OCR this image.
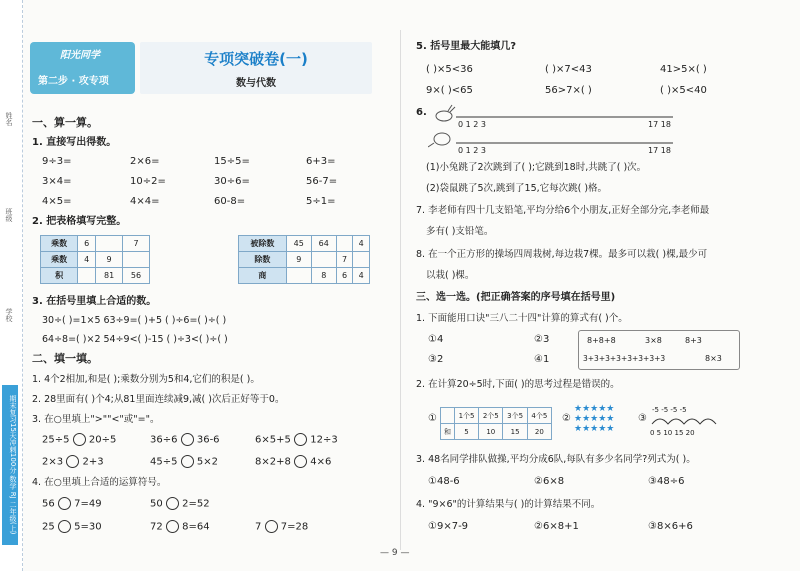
姓名
班级
学校
期末复习15天冲刺100分 数学 RJ 二年级(上)
阳光同学
第二步 · 攻专项
专项突破卷(一)
数与代数
一、算一算。
1. 直接写出得数。
9÷3=	2×6=	15÷5=	6+3=
3×4=	10÷2=	30÷6=	56-7=
4×5=	4×4=	60-8=	5÷1=
2. 把表格填写完整。
乘数	6		7
乘数	4	9	
积		81	56
被除数	45	64		4
除数	9		7	
商		8	6	4
3. 在括号里填上合适的数。
30÷( )=1×5 63÷9=( )+5 ( )÷6=( )÷( )
64÷8=( )×2 54÷9<( )-15 ( )÷3<( )÷( )
二、填一填。
1. 4个2相加,和是( );乘数分别为5和4,它们的积是( )。
2. 28里面有( )个4;从81里面连续减9,减( )次后正好等于0。
3. 在○里填上">""<"或"="。
25÷5 20÷5	36÷6 36-6	6×5+5 12÷3
2×3 2+3	45÷5 5×2	8×2+8 4×6
4. 在○里填上合适的运算符号。
56 7=49	50 2=52
25 5=30	72 8=64	7 7=28
5. 括号里最大能填几?
( )×5<36	( )×7<43	41>5×( )
9×( )<65	56>7×( )	( )×5<40
6.
0 1 2 3	17 18
0 1 2 3	17 18
(1)小兔跳了2次跳到了( );它跳到18时,共跳了( )次。
(2)袋鼠跳了5次,跳到了15,它每次跳( )格。
7. 李老师有四十几支铅笔,平均分给6个小朋友,正好全部分完,李老师最
多有( )支铅笔。
8. 在一个正方形的操场四周栽树,每边栽7棵。最多可以栽( )棵,最少可
以栽( )棵。
三、选一选。(把正确答案的序号填在括号里)
1. 下面能用口诀"三八二十四"计算的算式有( )个。
①4	②3
③2	④1
8+8+8	3×8	8+3
3+3+3+3+3+3+3+3	8×3
2. 在计算20÷5时,下面( )的思考过程是错误的。
①
		1个5	2个5	3个5	4个5
和	5	10	15	20
②
★★★★★
★★★★★
★★★★★
③
-5 -5 -5 -5
0 5 10 15 20
3. 48名同学排队做操,平均分成6队,每队有多少名同学?列式为( )。
①48-6	②6×8	③48÷6
4. "9×6"的计算结果与( )的计算结果不同。
①9×7-9	②6×8+1	③8×6+6
— 9 —
